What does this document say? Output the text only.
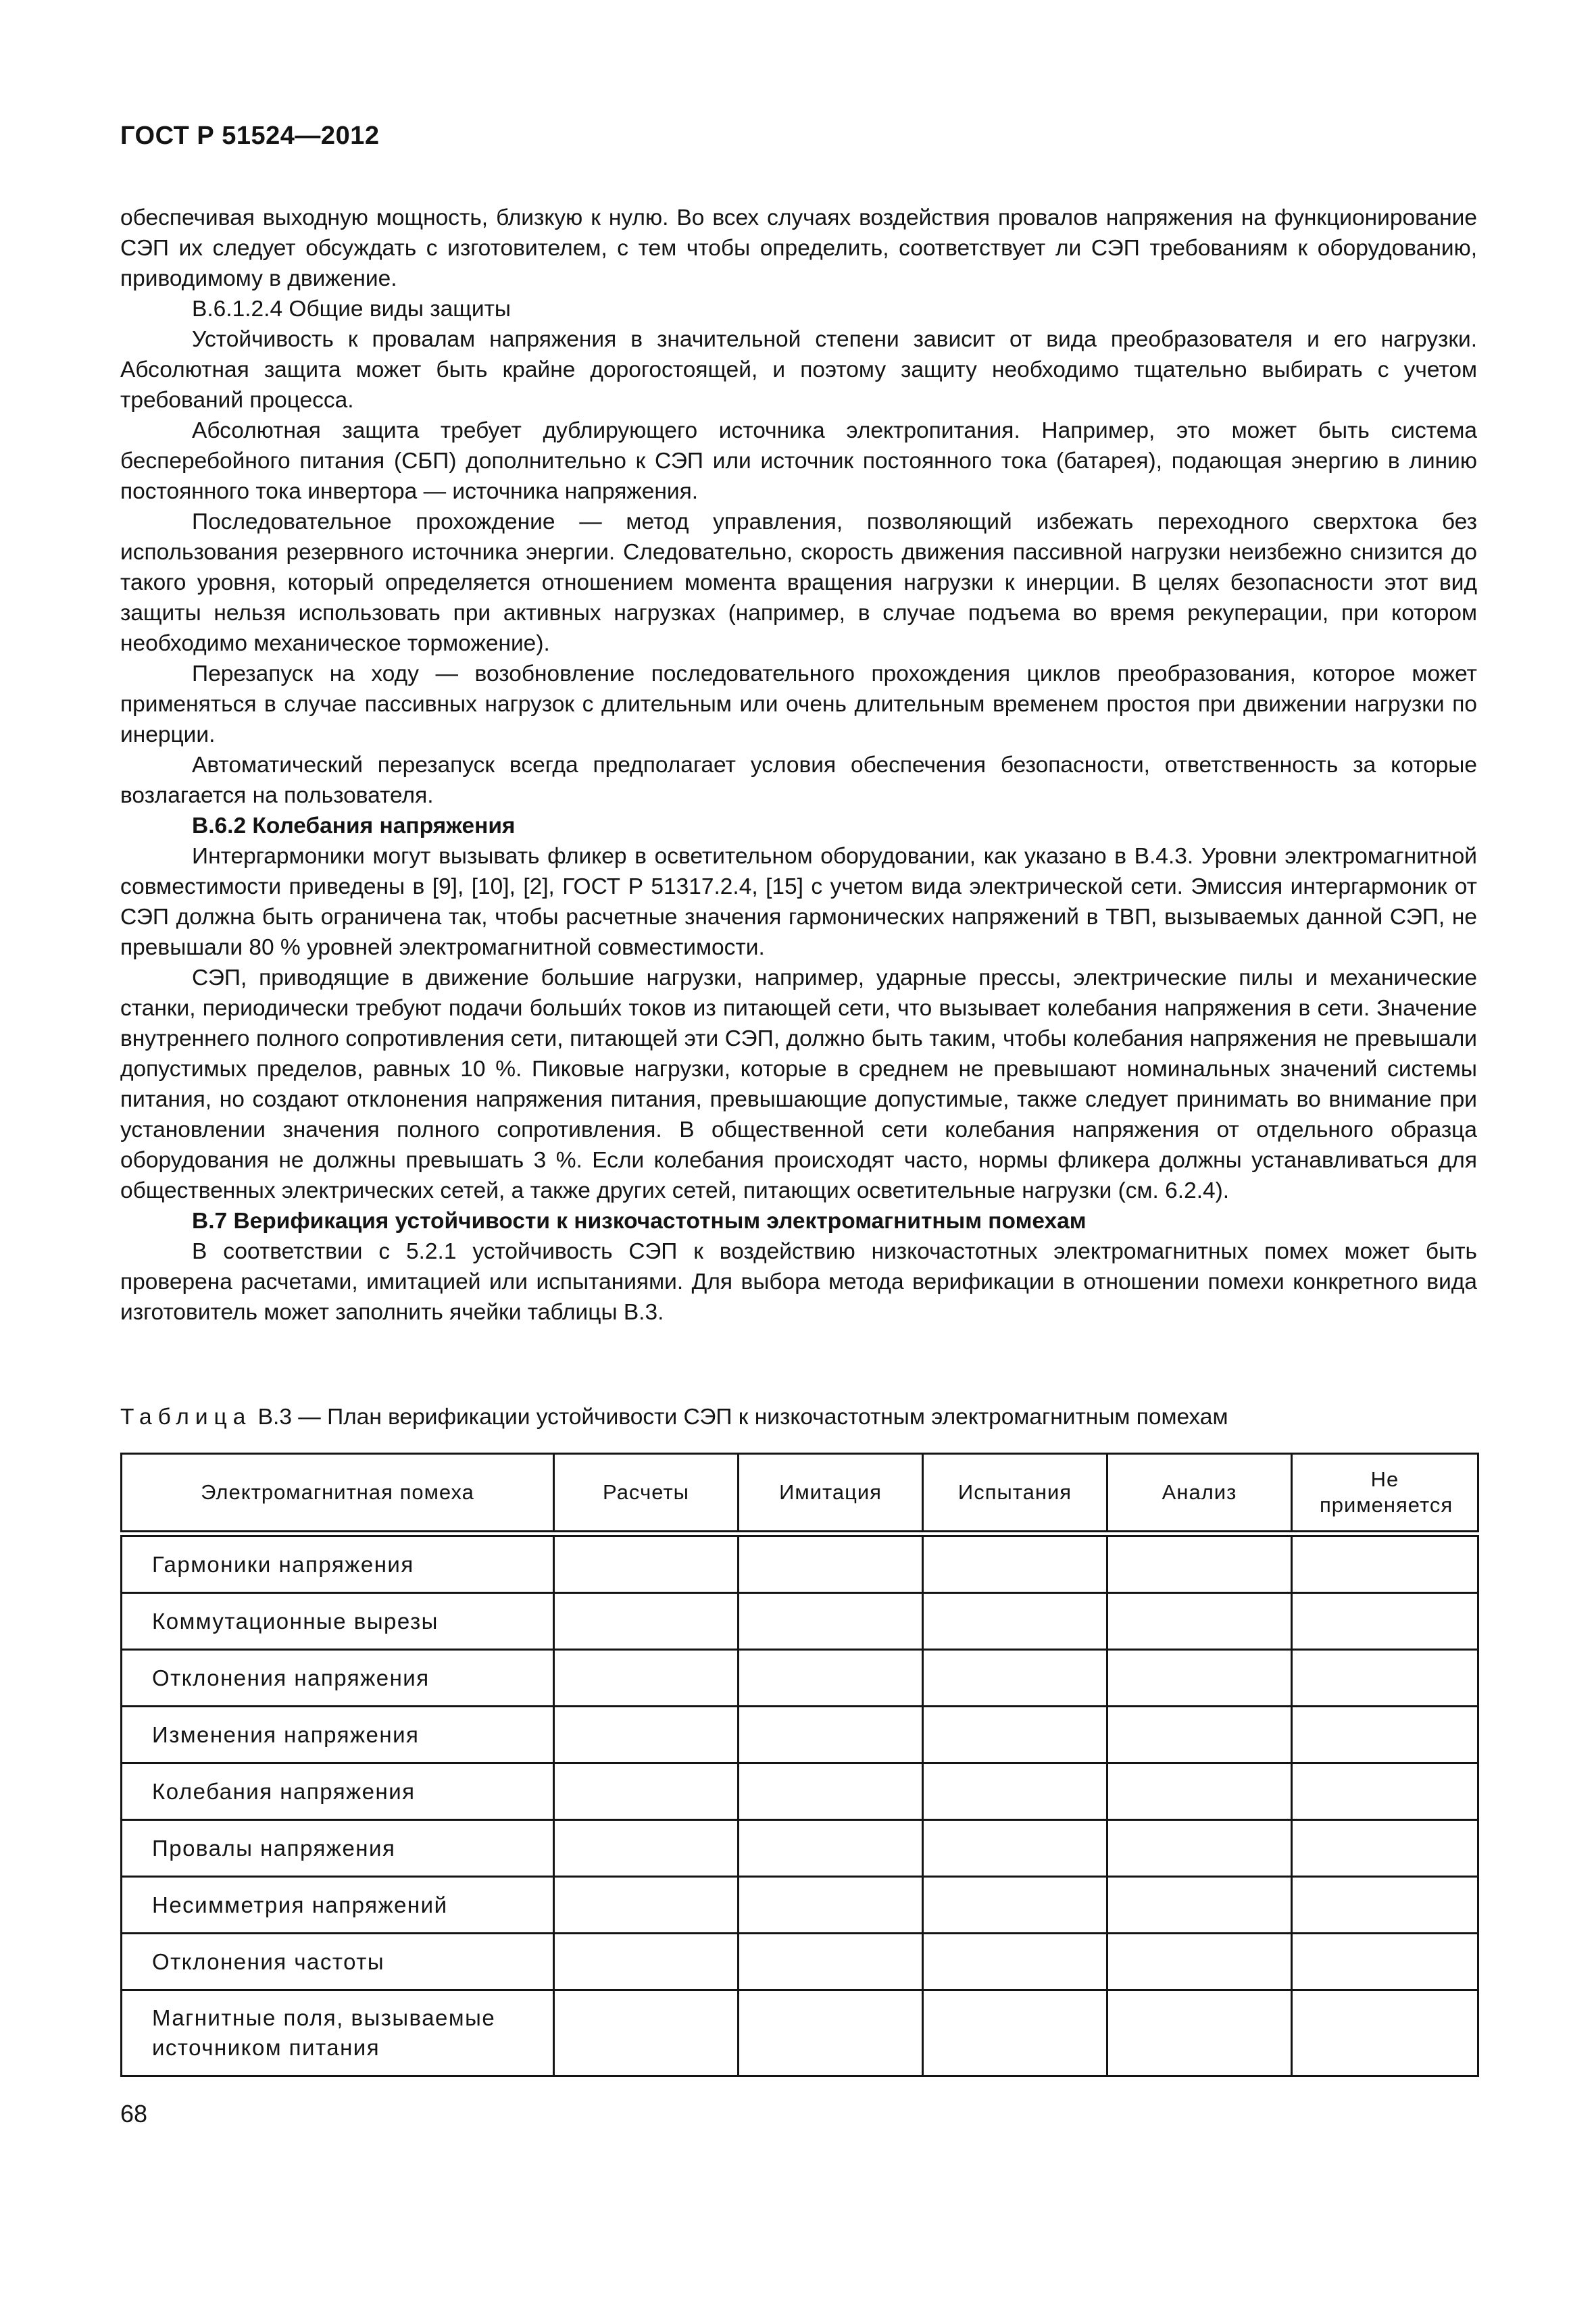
ГОСТ Р 51524—2012

обеспечивая выходную мощность, близкую к нулю. Во всех случаях воздействия провалов напряжения на функционирование СЭП их следует обсуждать с изготовителем, с тем чтобы определить, соответствует ли СЭП требованиям к оборудованию, приводимому в движение.

В.6.1.2.4 Общие виды защиты

Устойчивость к провалам напряжения в значительной степени зависит от вида преобразователя и его нагрузки. Абсолютная защита может быть крайне дорогостоящей, и поэтому защиту необходимо тщательно выбирать с учетом требований процесса.

Абсолютная защита требует дублирующего источника электропитания. Например, это может быть система бесперебойного питания (СБП) дополнительно к СЭП или источник постоянного тока (батарея), подающая энергию в линию постоянного тока инвертора — источника напряжения.

Последовательное прохождение — метод управления, позволяющий избежать переходного сверхтока без использования резервного источника энергии. Следовательно, скорость движения пассивной нагрузки неизбежно снизится до такого уровня, который определяется отношением момента вращения нагрузки к инерции. В целях безопасности этот вид защиты нельзя использовать при активных нагрузках (например, в случае подъема во время рекуперации, при котором необходимо механическое торможение).

Перезапуск на ходу — возобновление последовательного прохождения циклов преобразования, которое может применяться в случае пассивных нагрузок с длительным или очень длительным временем простоя при движении нагрузки по инерции.

Автоматический перезапуск всегда предполагает условия обеспечения безопасности, ответственность за которые возлагается на пользователя.

В.6.2 Колебания напряжения

Интергармоники могут вызывать фликер в осветительном оборудовании, как указано в В.4.3. Уровни электромагнитной совместимости приведены в [9], [10], [2], ГОСТ Р 51317.2.4, [15] с учетом вида электрической сети. Эмиссия интергармоник от СЭП должна быть ограничена так, чтобы расчетные значения гармонических напряжений в ТВП, вызываемых данной СЭП, не превышали 80 % уровней электромагнитной совместимости.

СЭП, приводящие в движение большие нагрузки, например, ударные прессы, электрические пилы и механические станки, периодически требуют подачи больши́х токов из питающей сети, что вызывает колебания напряжения в сети. Значение внутреннего полного сопротивления сети, питающей эти СЭП, должно быть таким, чтобы колебания напряжения не превышали допустимых пределов, равных 10 %. Пиковые нагрузки, которые в среднем не превышают номинальных значений системы питания, но создают отклонения напряжения питания, превышающие допустимые, также следует принимать во внимание при установлении значения полного сопротивления. В общественной сети колебания напряжения от отдельного образца оборудования не должны превышать 3 %. Если колебания происходят часто, нормы фликера должны устанавливаться для общественных электрических сетей, а также других сетей, питающих осветительные нагрузки (см. 6.2.4).

В.7 Верификация устойчивости к низкочастотным электромагнитным помехам

В соответствии с 5.2.1 устойчивость СЭП к воздействию низкочастотных электромагнитных помех может быть проверена расчетами, имитацией или испытаниями. Для выбора метода верификации в отношении помехи конкретного вида изготовитель может заполнить ячейки таблицы В.3.

Таблица В.3 — План верификации устойчивости СЭП к низкочастотным электромагнитным помехам
Электромагнитная помеха	Расчеты	Имитация	Испытания	Анализ	Не применяется
Гармоники напряжения					
Коммутационные вырезы					
Отклонения напряжения					
Изменения напряжения					
Колебания напряжения					
Провалы напряжения					
Несимметрия напряжений					
Отклонения частоты					
Магнитные поля, вызываемые источником питания					
68
